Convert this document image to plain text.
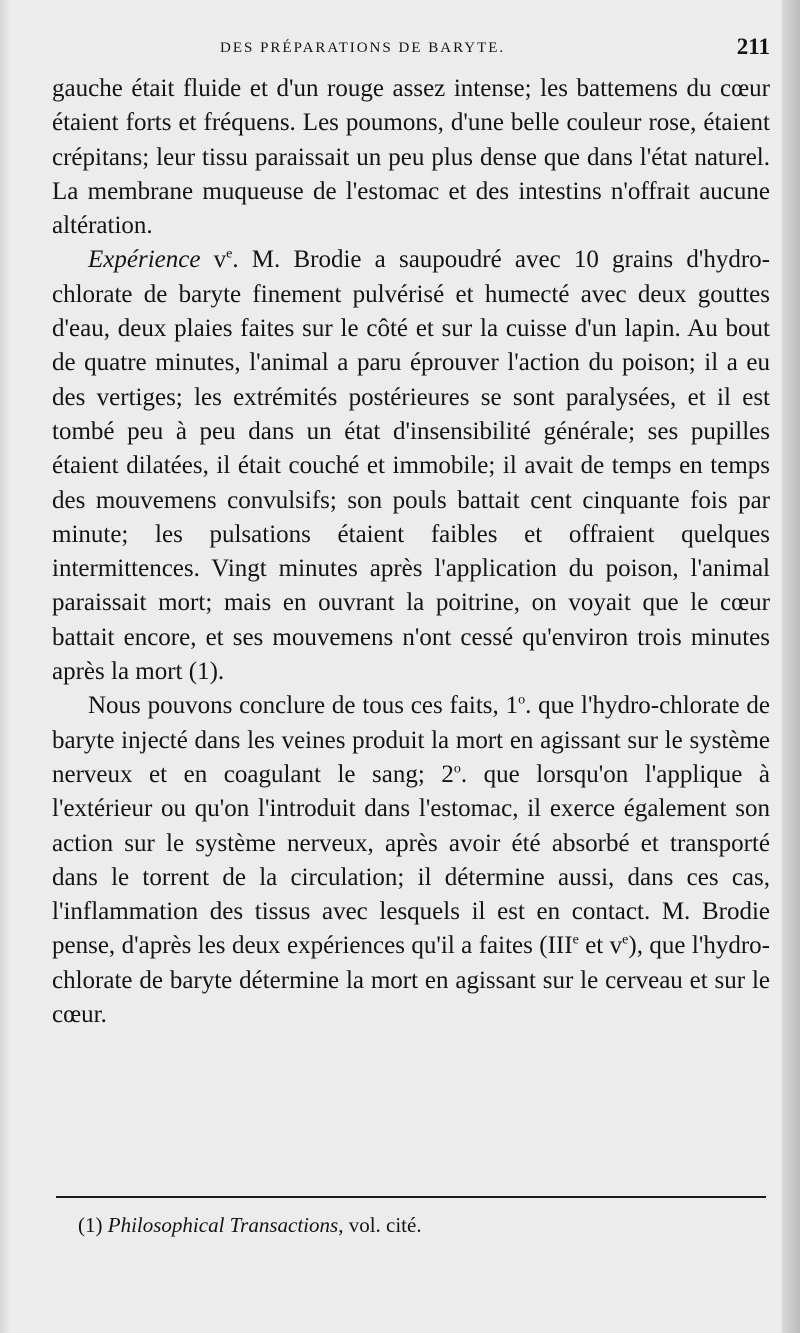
DES PRÉPARATIONS DE BARYTE.	211

gauche était fluide et d'un rouge assez intense; les battemens du cœur étaient forts et fréquens. Les poumons, d'une belle couleur rose, étaient crépitans; leur tissu paraissait un peu plus dense que dans l'état naturel. La membrane muqueuse de l'estomac et des intestins n'offrait aucune altération.

Expérience $v^e$. M. Brodie a saupoudré avec 10 grains d'hydro-chlorate de baryte finement pulvérisé et humecté avec deux gouttes d'eau, deux plaies faites sur le côté et sur la cuisse d'un lapin. Au bout de quatre minutes, l'animal a paru éprouver l'action du poison; il a eu des vertiges; les extrémités postérieures se sont paralysées, et il est tombé peu à peu dans un état d'insensibilité générale; ses pupilles étaient dilatées, il était couché et immobile; il avait de temps en temps des mouvemens convulsifs; son pouls battait cent cinquante fois par minute; les pulsations étaient faibles et offraient quelques intermittences. Vingt minutes après l'application du poison, l'animal paraissait mort; mais en ouvrant la poitrine, on voyait que le cœur battait encore, et ses mouvemens n'ont cessé qu'environ trois minutes après la mort (1).

Nous pouvons conclure de tous ces faits, 1$^o$. que l'hydro-chlorate de baryte injecté dans les veines produit la mort en agissant sur le système nerveux et en coagulant le sang; 2$^o$. que lorsqu'on l'applique à l'extérieur ou qu'on l'introduit dans l'estomac, il exerce également son action sur le système nerveux, après avoir été absorbé et transporté dans le torrent de la circulation; il détermine aussi, dans ces cas, l'inflammation des tissus avec lesquels il est en contact. M. Brodie pense, d'après les deux expériences qu'il a faites (IIIe et $v^e$), que l'hydro-chlorate de baryte détermine la mort en agissant sur le cerveau et sur le cœur.

(1) Philosophical Transactions, vol. cité.
